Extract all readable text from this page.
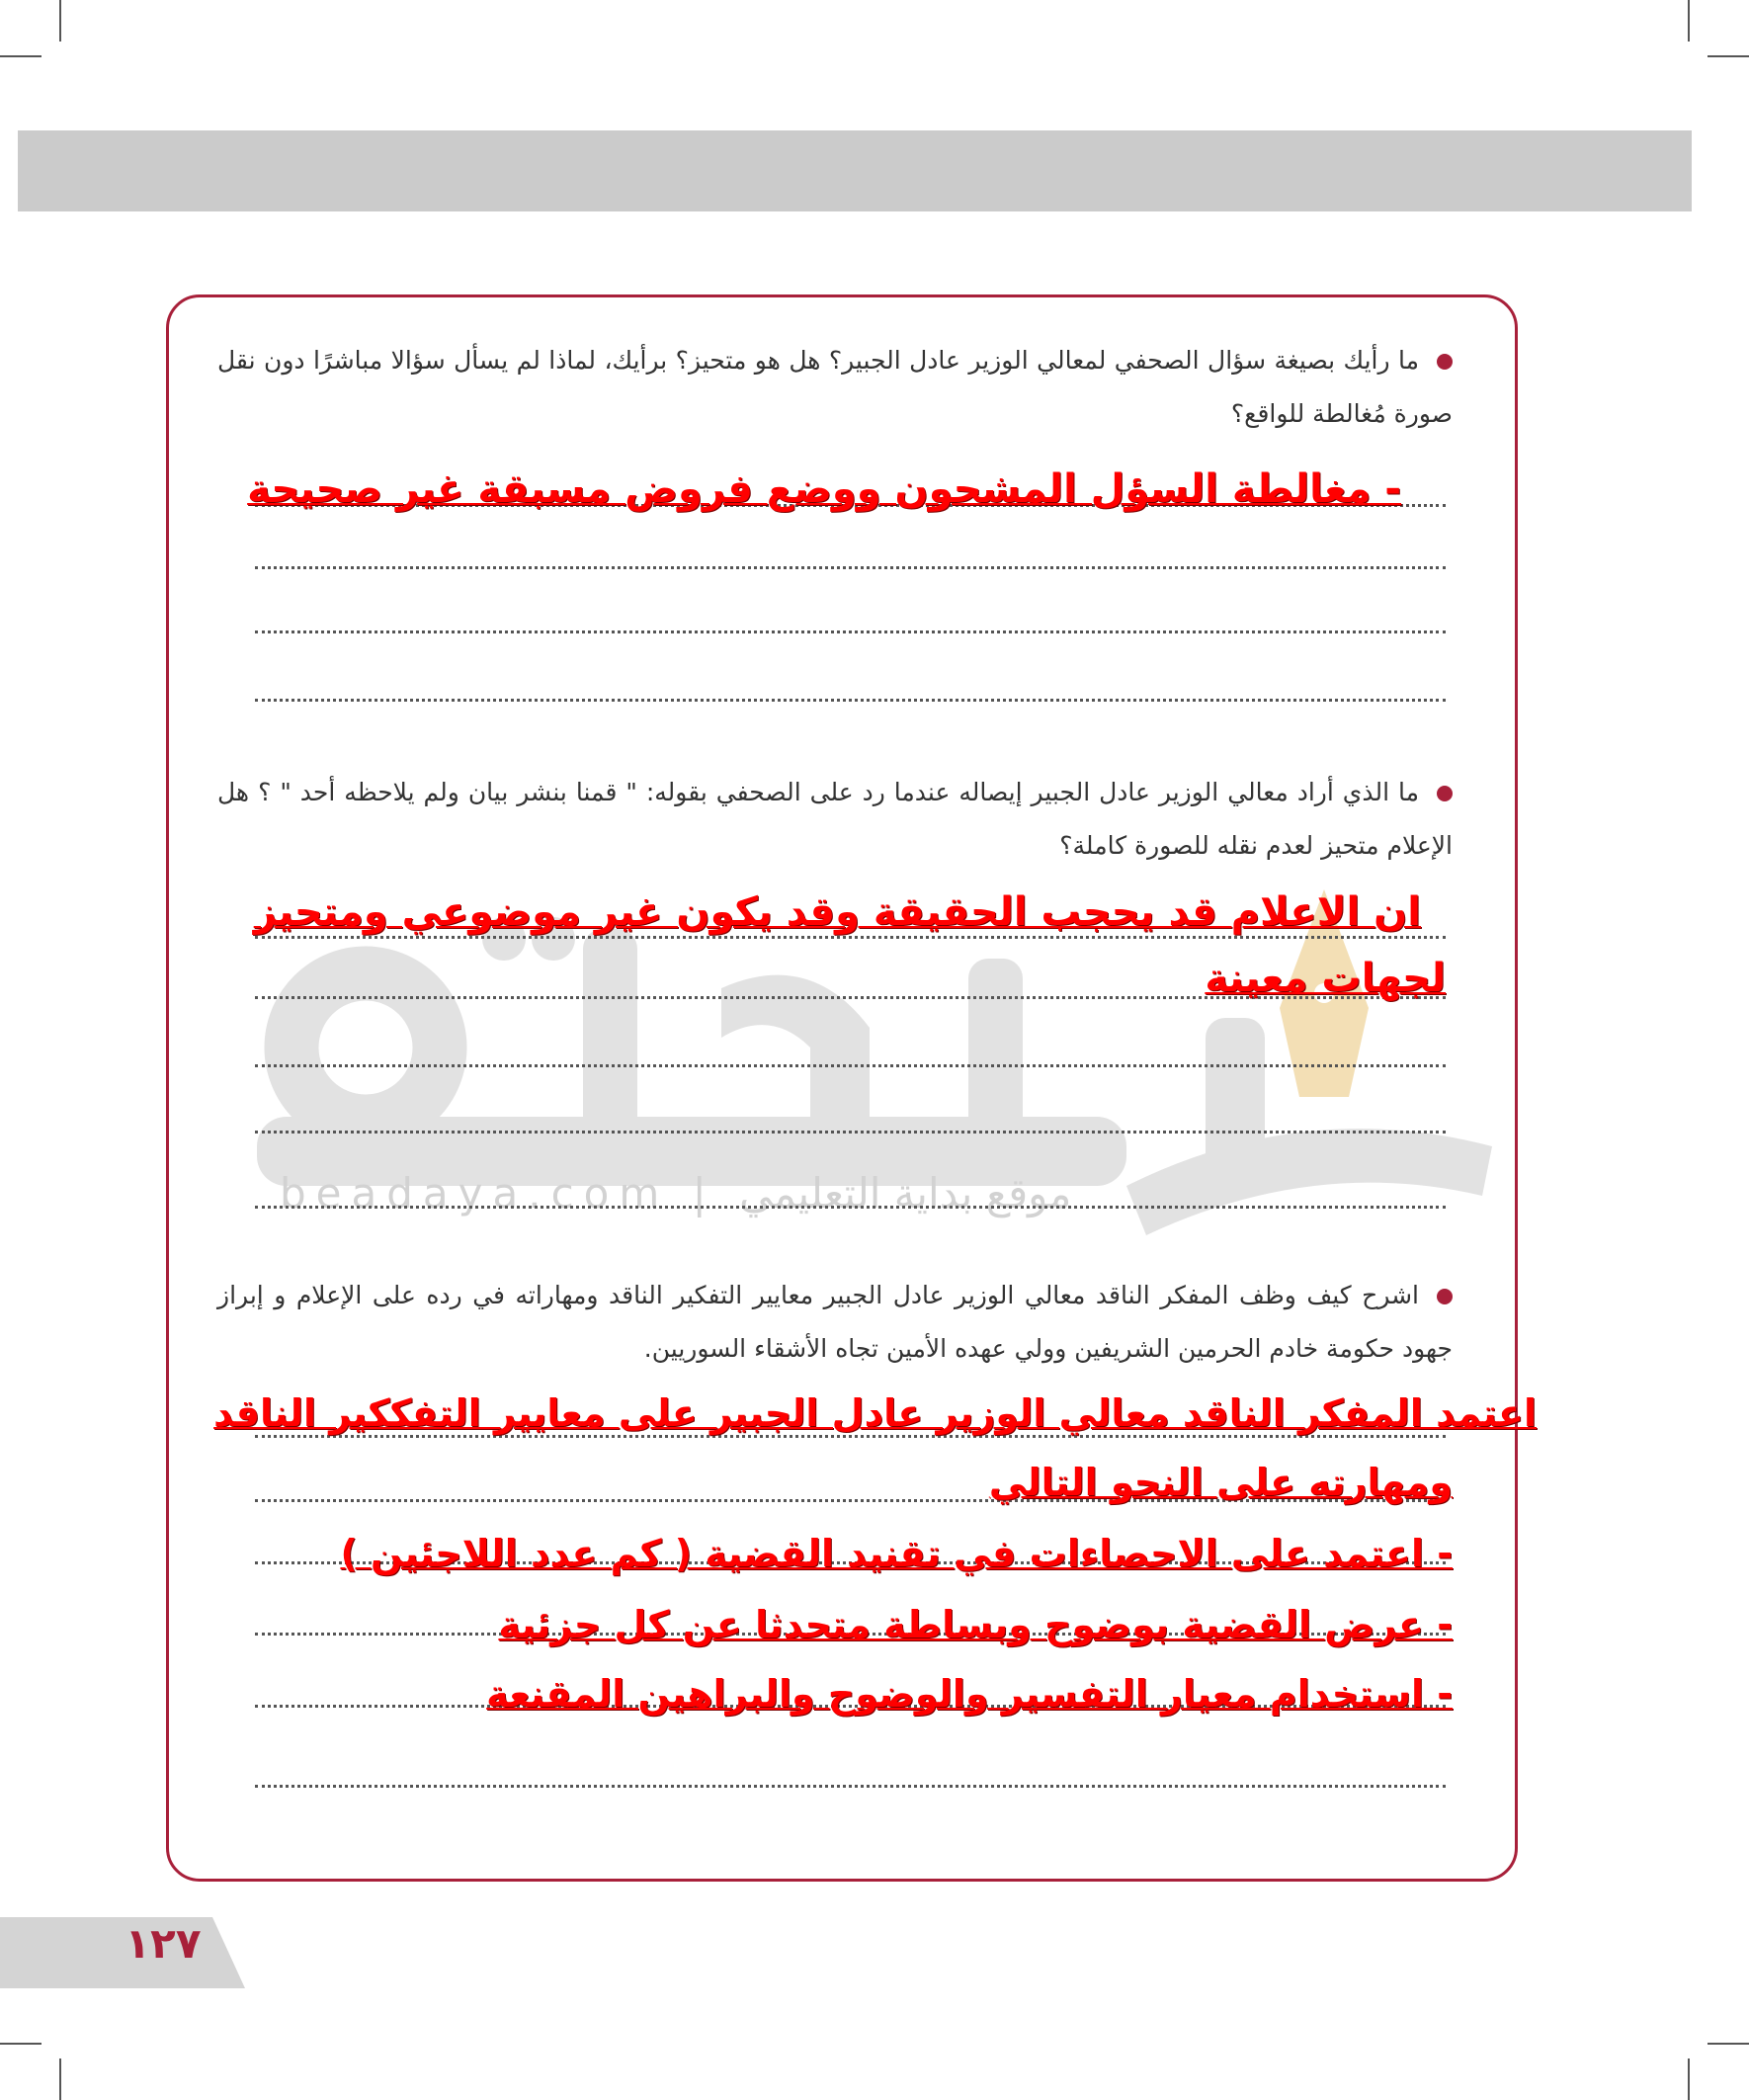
beadaya.com | موقع بداية التعليمي
ما رأيك بصيغة سؤال الصحفي لمعالي الوزير عادل الجبير؟ هل هو متحيز؟ برأيك، لماذا لم يسأل سؤالا مباشرًا دون نقل صورة مُغالطة للواقع؟
- مغالطة السؤل المشحون ووضع فروض مسبقة غير صحيحة
ما الذي أراد معالي الوزير عادل الجبير إيصاله عندما رد على الصحفي بقوله: " قمنا بنشر بيان ولم يلاحظه أحد " ؟ هل الإعلام متحيز لعدم نقله للصورة كاملة؟
ان الاعلام قد يحجب الحقيقة وقد يكون غير موضوعي ومتحيز
لجهات معينة
اشرح كيف وظف المفكر الناقد معالي الوزير عادل الجبير معايير التفكير الناقد ومهاراته في رده على الإعلام و إبراز جهود حكومة خادم الحرمين الشريفين وولي عهده الأمين تجاه الأشقاء السوريين.
اعتمد المفكر الناقد معالي الوزير عادل الجبير على معايير التفككير الناقد
ومهارته على النحو التالي
- اعتمد على الاحصاءات في تقنيد القضية ( كم عدد اللاجئين )
- عرض القضية بوضوح وبساطة متحدثا عن كل جزئية
- استخدام معيار التفسير والوضوح والبراهين المقنعة
١٢٧
